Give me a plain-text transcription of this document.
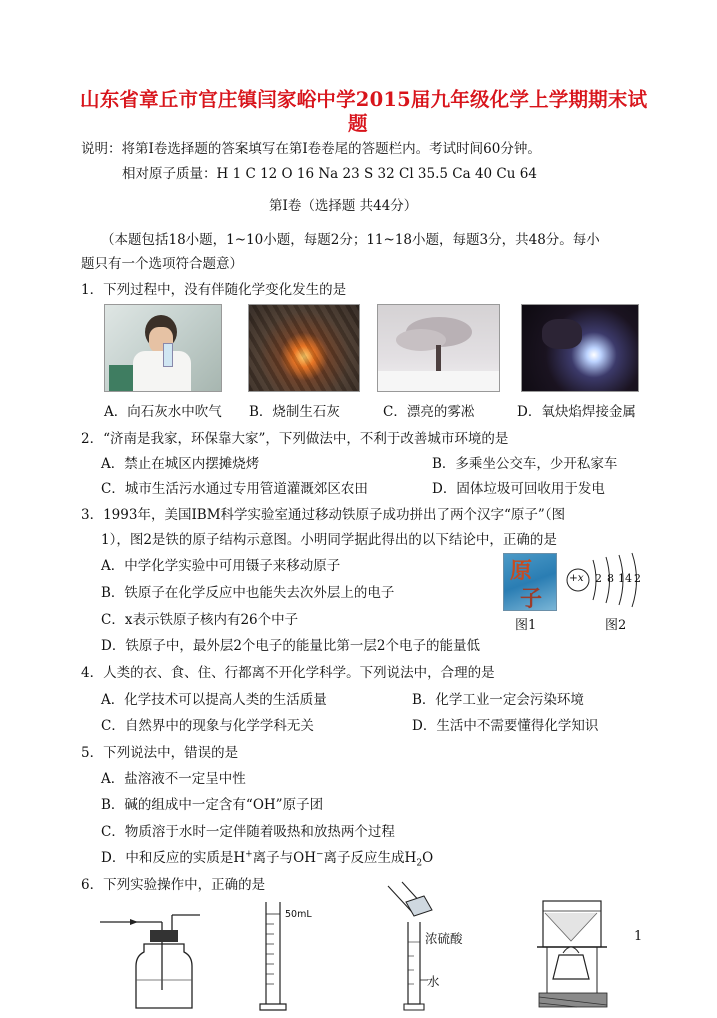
山东省章丘市官庄镇闫家峪中学2015届九年级化学上学期期末试
题
说明：将第Ⅰ卷选择题的答案填写在第Ⅰ卷卷尾的答题栏内。考试时间60分钟。
相对原子质量：H 1 C 12 O 16 Na 23 S 32 Cl 35.5 Ca 40 Cu 64
第Ⅰ卷（选择题 共44分）
（本题包括18小题，1~10小题，每题2分；11~18小题，每题3分，共48分。每小
题只有一个选项符合题意）
1．下列过程中，没有伴随化学变化发生的是
A．向石灰水中吹气 B．烧制生石灰	C．漂亮的雾凇	D．氧炔焰焊接金属
2．“济南是我家，环保靠大家”，下列做法中，不利于改善城市环境的是
A．禁止在城区内摆摊烧烤	B．多乘坐公交车，少开私家车
C．城市生活污水通过专用管道灌溉郊区农田	D．固体垃圾可回收用于发电
3．1993年，美国IBM科学实验室通过移动铁原子成功拼出了两个汉字“原子”（图
1），图2是铁的原子结构示意图。小明同学据此得出的以下结论中，正确的是
A．中学化学实验中可用镊子来移动原子
B．铁原子在化学反应中也能失去次外层上的电子
C．x表示铁原子核内有26个中子
D．铁原子中，最外层2个电子的能量比第一层2个电子的能量低
原
子
图1
+x 2 8 14 2
图2
4．人类的衣、食、住、行都离不开化学科学。下列说法中，合理的是
A．化学技术可以提高人类的生活质量	B．化学工业一定会污染环境
C．自然界中的现象与化学学科无关	D．生活中不需要懂得化学知识
5．下列说法中，错误的是
A．盐溶液不一定呈中性
B．碱的组成中一定含有“OH”原子团
C．物质溶于水时一定伴随着吸热和放热两个过程
D．中和反应的实质是H+离子与OH−离子反应生成$H_2O$
6．下列实验操作中，正确的是
50mL
浓硫酸
水
1
